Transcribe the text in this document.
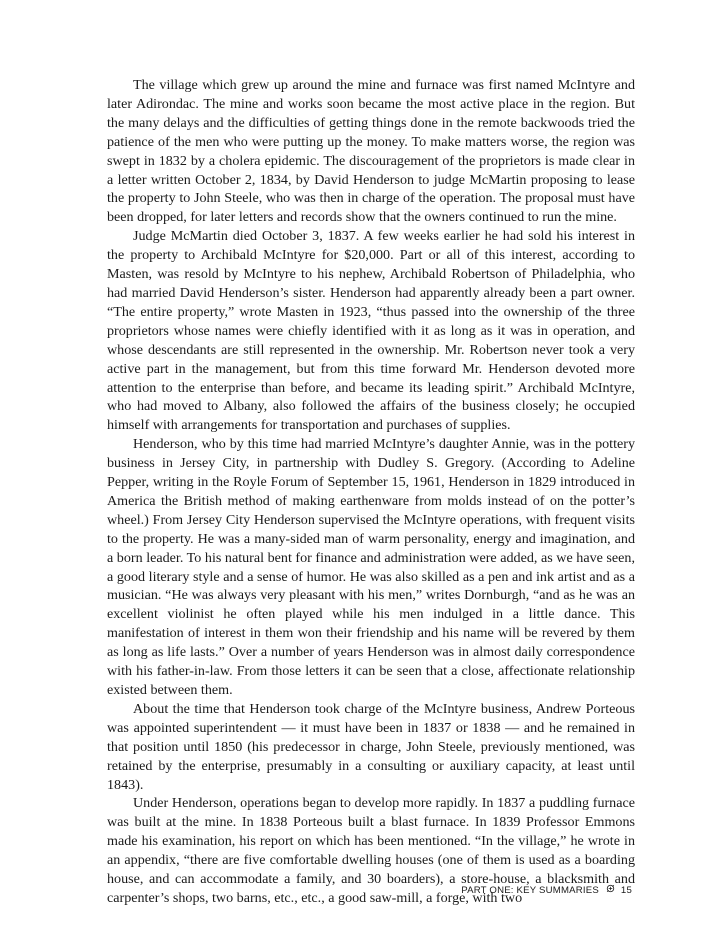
The village which grew up around the mine and furnace was first named McIntyre and later Adirondac. The mine and works soon became the most active place in the region. But the many delays and the difficulties of getting things done in the remote backwoods tried the patience of the men who were putting up the money. To make matters worse, the region was swept in 1832 by a cholera epidemic. The discouragement of the proprietors is made clear in a letter written October 2, 1834, by David Henderson to judge McMartin proposing to lease the property to John Steele, who was then in charge of the operation. The proposal must have been dropped, for later letters and records show that the owners continued to run the mine.

Judge McMartin died October 3, 1837. A few weeks earlier he had sold his interest in the property to Archibald McIntyre for $20,000. Part or all of this interest, according to Masten, was resold by McIntyre to his nephew, Archibald Robertson of Philadelphia, who had married David Henderson’s sister. Henderson had apparently already been a part owner. “The entire property,” wrote Masten in 1923, “thus passed into the ownership of the three proprietors whose names were chiefly identified with it as long as it was in operation, and whose descendants are still represented in the ownership. Mr. Robertson never took a very active part in the management, but from this time forward Mr. Henderson devoted more attention to the enterprise than before, and became its leading spirit.” Archibald McIntyre, who had moved to Albany, also followed the affairs of the business closely; he occupied himself with arrangements for transportation and purchases of supplies.

Henderson, who by this time had married McIntyre’s daughter Annie, was in the pottery business in Jersey City, in partnership with Dudley S. Gregory. (According to Adeline Pepper, writing in the Royle Forum of September 15, 1961, Henderson in 1829 introduced in America the British method of making earthenware from molds instead of on the potter’s wheel.) From Jersey City Henderson supervised the McIntyre operations, with frequent visits to the property. He was a many-sided man of warm personality, energy and imagination, and a born leader. To his natural bent for finance and administration were added, as we have seen, a good literary style and a sense of humor. He was also skilled as a pen and ink artist and as a musician. “He was always very pleasant with his men,” writes Dornburgh, “and as he was an excellent violinist he often played while his men indulged in a little dance. This manifestation of interest in them won their friendship and his name will be revered by them as long as life lasts.” Over a number of years Henderson was in almost daily correspondence with his father-in-law. From those letters it can be seen that a close, affectionate relationship existed between them.

About the time that Henderson took charge of the McIntyre business, Andrew Porteous was appointed superintendent — it must have been in 1837 or 1838 — and he remained in that position until 1850 (his predecessor in charge, John Steele, previously mentioned, was retained by the enterprise, presumably in a consulting or auxiliary capacity, at least until 1843).

Under Henderson, operations began to develop more rapidly. In 1837 a puddling furnace was built at the mine. In 1838 Porteous built a blast furnace. In 1839 Professor Emmons made his examination, his report on which has been mentioned. “In the village,” he wrote in an appendix, “there are five comfortable dwelling houses (one of them is used as a boarding house, and can accommodate a family, and 30 boarders), a store-house, a blacksmith and carpenter’s shops, two barns, etc., etc., a good saw-mill, a forge, with two

PART ONE: KEY SUMMARIES 15
